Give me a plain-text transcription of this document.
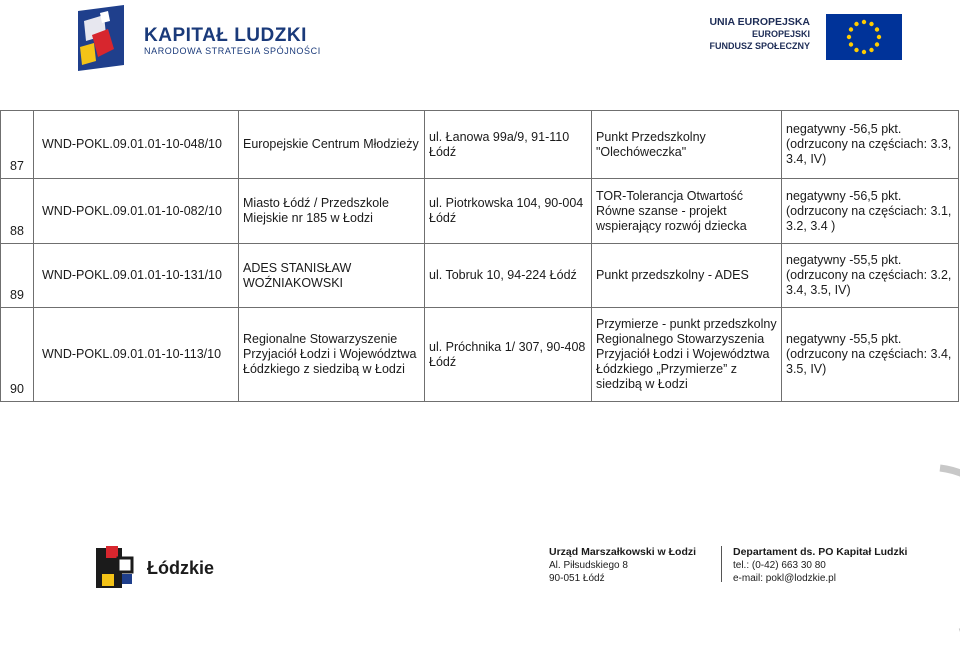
KAPITAŁ LUDZKI
NARODOWA STRATEGIA SPÓJNOŚCI
UNIA EUROPEJSKA
EUROPEJSKI
FUNDUSZ SPOŁECZNY
87	WND-POKL.09.01.01-10-048/10	Europejskie Centrum Młodzieży	ul. Łanowa 99a/9, 91-110 Łódź	Punkt Przedszkolny "Olechóweczka"	negatywny -56,5 pkt.(odrzucony na częściach: 3.3, 3.4, IV)
88	WND-POKL.09.01.01-10-082/10	Miasto Łódź / Przedszkole Miejskie nr 185 w Łodzi	ul. Piotrkowska 104, 90-004 Łódź	TOR-Tolerancja Otwartość Równe szanse - projekt wspierający rozwój dziecka	negatywny -56,5 pkt.(odrzucony na częściach: 3.1, 3.2, 3.4 )
89	WND-POKL.09.01.01-10-131/10	ADES STANISŁAW WOŹNIAKOWSKI	ul. Tobruk 10, 94-224 Łódź	Punkt przedszkolny - ADES	negatywny -55,5 pkt.(odrzucony na częściach: 3.2, 3.4, 3.5, IV)
90	WND-POKL.09.01.01-10-113/10	Regionalne Stowarzyszenie Przyjaciół Łodzi i Województwa Łódzkiego z siedzibą w Łodzi	ul. Próchnika 1/ 307, 90-408 Łódź	Przymierze - punkt przedszkolny Regionalnego Stowarzyszenia Przyjaciół Łodzi i Województwa Łódzkiego „Przymierze” z siedzibą w Łodzi	negatywny -55,5 pkt.(odrzucony na częściach: 3.4, 3.5, IV)
Łódzkie
Urząd Marszałkowski w Łodzi
Al. Piłsudskiego 8
90-051 Łódź
Departament ds. PO Kapitał Ludzki
tel.: (0-42) 663 30 80
e-mail: pokl@lodzkie.pl
